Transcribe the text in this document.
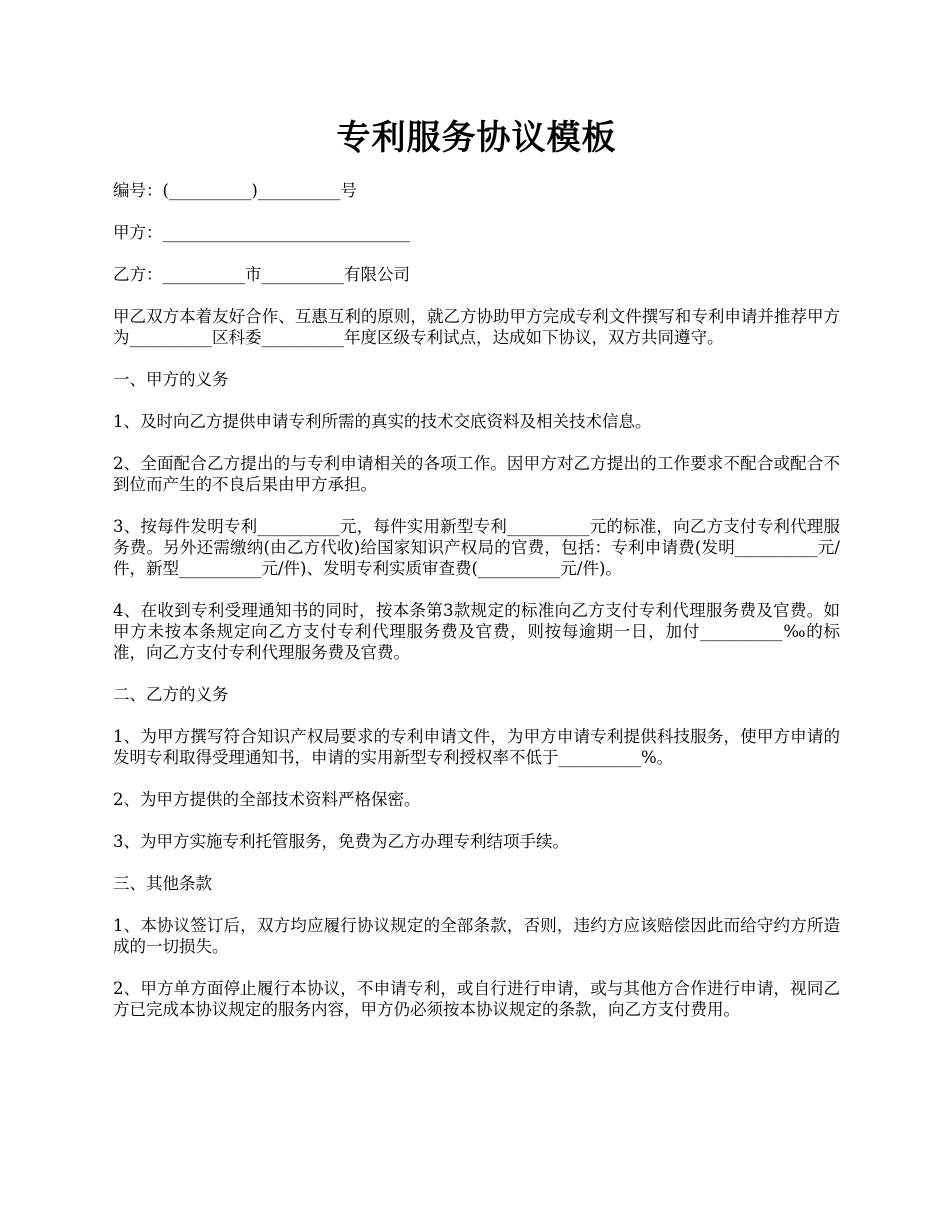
专利服务协议模板

编号：(__________)__________号

甲方：______________________________

乙方：__________市__________有限公司

甲乙双方本着友好合作、互惠互利的原则，就乙方协助甲方完成专利文件撰写和专利申请并推荐甲方为__________区科委__________年度区级专利试点，达成如下协议，双方共同遵守。

一、甲方的义务

1、及时向乙方提供申请专利所需的真实的技术交底资料及相关技术信息。

2、全面配合乙方提出的与专利申请相关的各项工作。因甲方对乙方提出的工作要求不配合或配合不到位而产生的不良后果由甲方承担。

3、按每件发明专利__________元，每件实用新型专利__________元的标准，向乙方支付专利代理服务费。另外还需缴纳(由乙方代收)给国家知识产权局的官费，包括：专利申请费(发明__________元/件，新型__________元/件)、发明专利实质审查费(__________元/件)。

4、在收到专利受理通知书的同时，按本条第3款规定的标准向乙方支付专利代理服务费及官费。如甲方未按本条规定向乙方支付专利代理服务费及官费，则按每逾期一日，加付__________‰的标准，向乙方支付专利代理服务费及官费。

二、乙方的义务

1、为甲方撰写符合知识产权局要求的专利申请文件，为甲方申请专利提供科技服务，使甲方申请的发明专利取得受理通知书，申请的实用新型专利授权率不低于__________%。

2、为甲方提供的全部技术资料严格保密。

3、为甲方实施专利托管服务，免费为乙方办理专利结项手续。

三、其他条款

1、本协议签订后，双方均应履行协议规定的全部条款，否则，违约方应该赔偿因此而给守约方所造成的一切损失。

2、甲方单方面停止履行本协议，不申请专利，或自行进行申请，或与其他方合作进行申请，视同乙方已完成本协议规定的服务内容，甲方仍必须按本协议规定的条款，向乙方支付费用。
